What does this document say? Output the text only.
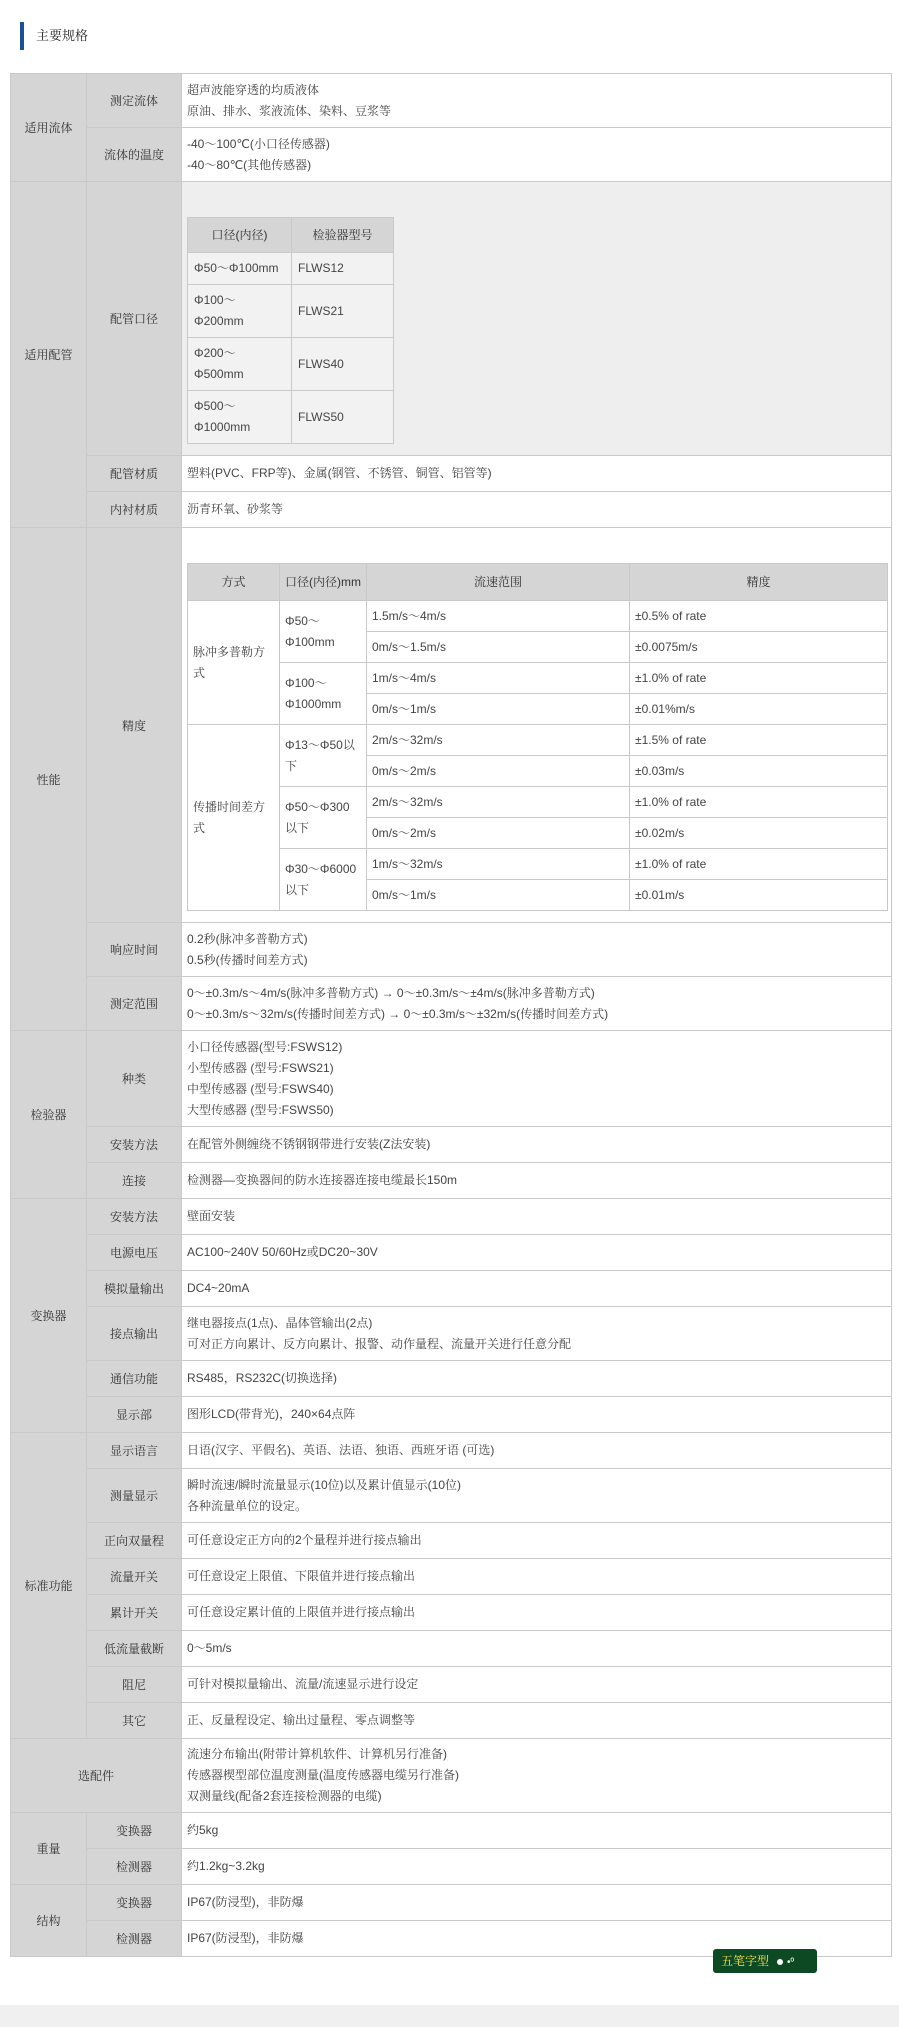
主要规格
适用流体	测定流体	
超声波能穿透的均质液体
原油、排水、浆液流体、染料、豆浆等

流体的温度	
-40～100℃(小口径传感器)
-40～80℃(其他传感器)

适用配管	配管口径	
口径(内径)	检验器型号

Φ50～Φ100mm	FLWS12

Φ100～
Φ200mm
	FLWS21

Φ200～
Φ500mm
	FLWS40

Φ500～
Φ1000mm
	FLWS50

配管材质	塑料(PVC、FRP等)、金属(钢管、不锈管、铜管、铝管等)
内衬材质	沥青环氧、砂浆等
性能	精度	
方式	口径(内径)mm	流速范围	精度

脉冲多普勒方
式

Φ50～
Φ100mm
	1.5m/s～4m/s	±0.5% of rate
0m/s～1.5m/s	±0.0075m/s

Φ100～
Φ1000mm
	1m/s～4m/s	±1.0% of rate
0m/s～1m/s	±0.01%m/s

传播时间差方
式

Φ13～Φ50以
下
	2m/s～32m/s	±1.5% of rate
0m/s～2m/s	±0.03m/s

Φ50～Φ300
以下
	2m/s～32m/s	±1.0% of rate
0m/s～2m/s	±0.02m/s

Φ30～Φ6000
以下
	1m/s～32m/s	±1.0% of rate
0m/s～1m/s	±0.01m/s

响应时间	
0.2秒(脉冲多普勒方式)
0.5秒(传播时间差方式)

测定范围	
0～±0.3m/s～4m/s(脉冲多普勒方式) → 0～±0.3m/s～±4m/s(脉冲多普勒方式)
0～±0.3m/s～32m/s(传播时间差方式) → 0～±0.3m/s～±32m/s(传播时间差方式)

检验器	种类	
小口径传感器(型号:FSWS12)
小型传感器 (型号:FSWS21)
中型传感器 (型号:FSWS40)
大型传感器 (型号:FSWS50)

安装方法	在配管外侧缠绕不锈钢钢带进行安装(Z法安装)
连接	检测器—变换器间的防水连接器连接电缆最长150m
变换器	安装方法	壁面安装
电源电压	AC100~240V 50/60Hz或DC20~30V
模拟量输出	DC4~20mA
接点输出	
继电器接点(1点)、晶体管输出(2点)
可对正方向累计、反方向累计、报警、动作量程、流量开关进行任意分配

通信功能	RS485，RS232C(切换选择)
显示部	图形LCD(带背光)，240×64点阵
标准功能	显示语言	日语(汉字、平假名)、英语、法语、独语、西班牙语 (可选)
测量显示	
瞬时流速/瞬时流量显示(10位)以及累计值显示(10位)
各种流量单位的设定。

正向双量程	可任意设定正方向的2个量程并进行接点输出
流量开关	可任意设定上限值、下限值并进行接点输出
累计开关	可任意设定累计值的上限值并进行接点输出
低流量截断	0～5m/s
阻尼	可针对模拟量输出、流量/流速显示进行设定
其它	正、反量程设定、输出过量程、零点调整等
选配件	
流速分布输出(附带计算机软件、计算机另行准备)
传感器楔型部位温度测量(温度传感器电缆另行准备)
双测量线(配备2套连接检测器的电缆)

重量	变换器	约5kg
检测器	约1.2kg~3.2kg
结构	变换器	IP67(防浸型)，非防爆
检测器	IP67(防浸型)，非防爆
五笔字型 •º
